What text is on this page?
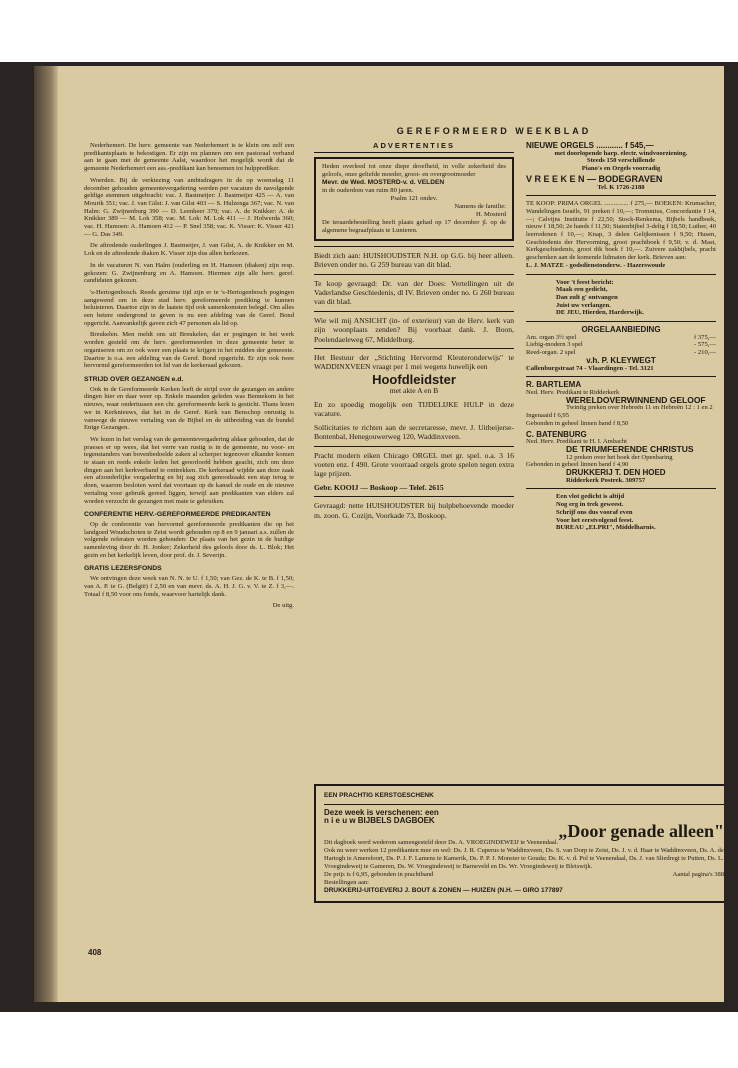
GEREFORMEERD WEEKBLAD

Nederhemert. De herv. gemeente van Nederhemert is te klein om zelf een predikantsplaats te bekostigen. Er zijn nu plannen om een pastoraal verband aan te gaan met de gemeente Aalst, waardoor het mogelijk wordt dat de gemeente Nederhemert een ass.-predikant kan benoemen tot hulpprediker.

Woerden. Bij de verkiezing van ambtsdragers in de op woensdag 11 december gehouden gemeentevergadering werden per vacature de navolgende geldige stemmen uitgebracht: vac. J. Bastmeijer: J. Bastmeijer 425 — A. van Mourik 351; vac. J. van Gilst: J. van Gilst 403 — S. Hulzenga 367; vac. N. van Halm: G. Zwijnenburg 390 — D. Leenheer 379; vac. A. de Knikker: A. de Knikker 389 — M. Lok 358; vac. M. Lok: M. Lok 411 — J. Holwerda 360; vac. H. Hamoen: A. Hamoen 412 — P. Snel 358; vac. K. Visser: K. Visser 421 — G. Das 349.

De aftredende ouderlingen J. Bastmeijer, J. van Gilst, A. de Knikker en M. Lok en de aftredende diaken K. Visser zijn dus allen herkozen.

In de vacaturen N. van Halm (ouderling en H. Hamoen (diaken) zijn resp. gekozen: G. Zwijnenburg en A. Hamoen. Hiermee zijn alle herv. geref. candidaten gekozen.

's-Hertogenbosch. Reeds geruime tijd zijn er te 's-Hertogenbosch pogingen aangewend om in deze stad herv. gereformeerde prediking te kunnen beluisteren. Daartoe zijn in de laatste tijd ook samenkomsten belegd. Om alles een betere ondergrond te geven is nu een afdeling van de Geref. Bond opgericht. Aanvankelijk gaven zich 47 personen als lid op.

Breukelen. Men meldt ons uit Breukelen, dat er pogingen in het werk worden gesteld om de herv. gereformeerden in deze gemeente beter te organiseren om zo ook weer een plaats te krijgen in het midden der gemeente. Daartoe is o.a. een afdeling van de Geref. Bond opgericht. Er zijn ook twee hervormd gereformeerden tot lid van de kerkeraad gekozen.

STRIJD OVER GEZANGEN e.d.

Ook in de Gereformeerde Kerken leeft de strijd over de gezangen en andere dingen hier en daar weer op. Enkele maanden geleden was Bennekom in het nieuws, waar ondertussen een chr. gereformeerde kerk is gesticht. Thans lezen we in Kerknieuws, dat het in de Geref. Kerk van Benschop onrustig is vanwege de nieuwe vertaling van de Bijbel en de uitbreiding van de bundel Enige Gezangen.

We lezen in het verslag van de gemeentevergadering aldaar gehouden, dat de praeses er op wees, dat het verre van rustig is in de gemeente, nu voor- en tegenstanders van bovenbedoelde zaken al scherper tegenover elkander komen te staan en reeds enkele leden het geoorloofd hebben geacht, zich om deze dingen aan het kerkverband te onttrekken. De kerkeraad wijdde aan deze zaak een afzonderlijke vergadering en bij zag zich genoodzaakt een stap terug te doen, waarom besloten werd dat voortaan op de kansel de oude en de nieuwe vertaling voor gebruik gereed liggen, terwijl aan predikanten van elders zal worden verzocht de gezangen met mate te gebruiken.

CONFERENTIE HERV.-GEREFORMEERDE PREDIKANTEN

Op de conferentie van hervormd gereformeerde predikanten die op het landgoed Woudschoten te Zeist wordt gehouden op 8 en 9 januari a.s. zullen de volgende referaten worden gehouden: De plaats van het gezin in de huidige samenleving door dr. H. Jonker; Zekerheid des geloofs door ds. L. Blok; Het gezin en het kerkelijk leven, door prof. dr. J. Severijn.

GRATIS LEZERSFONDS

We ontvingen deze week van N. N. te U. f 1,50; van Gez. de K. te B. f 1,50; van A. P. te G. (België) f 2,50 en van mevr. ds. A. H. J. G. v. V. te Z. f 3,—. Totaal f 8,50 voor ons fonds, waarvoor hartelijk dank.

De uitg.
ADVERTENTIES
Heden overleed tot onze diepe droefheid, in volle zekerheid des geloofs, onze geliefde moeder, groot- en overgrootmoeder
Mevr. de Wed. MOSTERD-v. d. VELDEN
in de ouderdom van ruim 80 jaren.
Psalm 121 ondev.
Namens de familie:
H. Mosterd
De teraardebestelling heeft plaats gehad op 17 december jl. op de algemene begraafplaats te Lunteren.
Biedt zich aan: HUISHOUDSTER N.H. op G.G. bij heer alleen. Brieven onder no. G 259 bureau van dit blad.
Te koop gevraagd: Dr. van der Does: Vertellingen uit de Vaderlandse Geschiedenis, dl IV. Brieven onder no. G 260 bureau van dit blad.
Wie wil mij ANSICHT (in- of exterieur) van de Herv. kerk van zijn woonplaats zenden? Bij voorbaat dank. J. Boon, Poelendaeleweg 67, Middelburg.
Het Bestuur der „Stichting Hervormd Kleuteronderwijs" te WADDINXVEEN vraagt per 1 mei wegens huwelijk een
Hoofdleidster
met akte A en B
En zo spoedig mogelijk een TIJDELIJKE HULP in deze vacature.
Sollicitaties te richten aan de secretaresse, mevr. J. Uitbeijerse-Bontenbal, Henegouwerweg 120, Waddinxveen.
Pracht modern eiken Chicago ORGEL met gr. spel. o.a. 3 16 voeten enz. f 490. Grote voorraad orgels grote spelen tegen extra lage prijzen.
Gebr. KOOIJ — Boskoop — Telef. 2615
Gevraagd: nette HUISHOUDSTER bij hulpbehoevende moeder m. zoon. G. Cozijn, Voorkade 73, Boskoop.
NIEUWE ORGELS ............ f 545,—
met doorlopende harp. electr. windvoorziening.
Steeds 150 verschillende
Piano's en Orgels voorradig
V R E E K E N — BODEGRAVEN
Tel. K 1726-2188
TE KOOP: PRIMA ORGEL ............... f 275,— BOEKEN: Krumacher, Wandelingen Israëls, 91 preken f 10,—; Trommius, Concordantie f 14,—; Calvijns Institutie f 22,50; Stock-Renkema, Bijbels handboek, nieuw f 18,50; 2e hands f 11,50; Statenbijbel 3-delig f 18,50; Luther, 40 leerredenen f 10,—; Knap, 3 delen Gelijkenissen f 9,50; Husen, Geschiedenis der Hervorming, groot prachtboek f 9,50; v. d. Mast, Kerkgeschiedenis, groot dik boek f 10,—. Zuivere zakbijbels, pracht geschenken aan de komende lidmaten der kerk. Brieven aan:
L. J. MATZE - godsdienstonderw. - Hazerswoude
Voor 't feest bericht:
Maak een gedicht,
Dan zult g' ontvangen
Juist uw verlangen.
DE JEU, Hierden, Harderwijk.
ORGELAANBIEDING
Am. organ 3½ spel	f 375,—
Liebig-modern 3 spel	- 575,—
Reed-organ. 2 spel	- 210,—
v.h. P. KLEYWEGT
Callenburgstraat 74 - Vlaardingen - Tel. 3121
R. BARTLEMA
Ned. Herv. Predikant te Ridderkerk
WERELDOVERWINNEND GELOOF
Twintig preken over Hebreën 11 en Hebreën 12 : 1 en 2
Ingenaaid f 6,95
Gebonden in geheel linnen band f 8,50
C. BATENBURG
Ned. Herv. Predikant te H. I. Ambacht
DE TRIUMFERENDE CHRISTUS
12 preken over het boek der Openbaring
Gebonden in geheel linnen band f 4,90
DRUKKERIJ T. DEN HOED
Ridderkerk Postrek. 309757
Een vlot gedicht is altijd
Nog erg in trek geweest.
Schrijf ons dus vooraf even
Voor het eerstvolgend feest.
BUREAU „ELPRI", Middelharnis.
EEN PRACHTIG KERSTGESCHENK
Deze week is verschenen: een
n i e u w BIJBELS DAGBOEK
„Door genade alleen"
Dit dagboek werd wederom samengesteld door Ds. A. VROEGINDEWEIJ te Veenendaal.
Ook nu weer werken 12 predikanten mee en wel: Ds. J. R. Cuperus te Waddinxveen, Ds. S. van Dorp te Zeist, Ds. J. v. d. Haar te Waddinxveen, Ds. A. de Hartogh te Amersfoort, Ds. P. J. F. Lamens te Kamerik, Ds. P. P. J. Monster te Gouda; Ds. K. v. d. Pol te Veenendaal, Ds. J. van Sliedregt te Putten, Ds. L. Vroegindeweij te Gameren, Ds. W. Vroegindeweij te Barneveld en Ds. Wr. Vroegindeweij te Bleiswijk.
De prijs is f 6,95, gebonden in prachtband	Aantal pagina's 388
Bestellingen aan:
DRUKKERIJ-UITGEVERIJ J. BOUT & ZONEN — HUIZEN (N.H. — GIRO 177897
408
